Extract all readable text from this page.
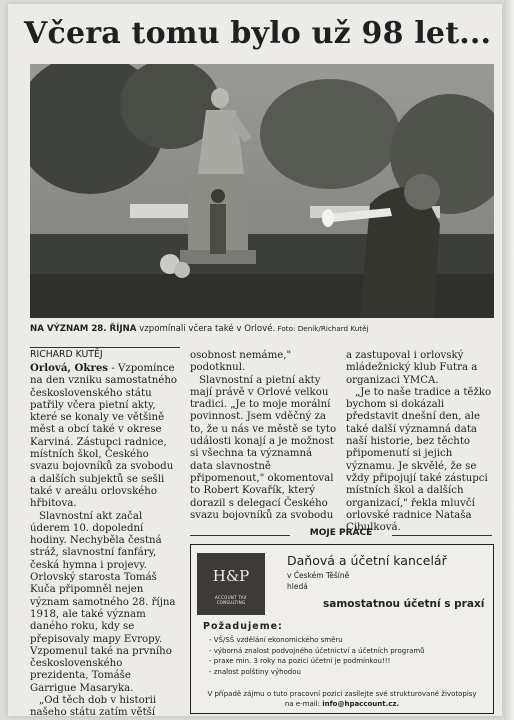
Včera tomu bylo už 98 let...
NA VÝZNAM 28. ŘÍJNA vzpomínali včera také v Orlové. Foto: Deník/Richard Kutěj
RICHARD KUTĚJ

Orlová, Okres - Vzpomínce na den vzniku samostatného československého státu patřily včera pietní akty, které se konaly ve většině měst a obcí také v okrese Karviná. Zástupci radnice, místních škol, Českého svazu bojovníků za svobodu a dalších subjektů se sešli také v areálu orlovského hřbitova.

Slavnostní akt začal úderem 10. dopolední hodiny. Nechyběla čestná stráž, slavnostní fanfáry, česká hymna i projevy. Orlovský starosta Tomáš Kuča připomněl nejen význam samotného 28. října 1918, ale také význam daného roku, kdy se přepisovaly mapy Evropy. Vzpomenul také na prvního československého prezidenta, Tomáše Garrigue Masaryka.

„Od těch dob v historii našeho státu zatím větší

osobnost nemáme," podotknul.

Slavnostní a pietní akty mají právě v Orlové velkou tradici. „Je to moje morální povinnost. Jsem vděčný za to, že u nás ve městě se tyto události konají a je možnost si všechna ta významná data slavnostně připomenout," okomentoval to Robert Kovařík, který dorazil s delegací Českého svazu bojovníků za svobodu

a zastupoval i orlovský mládežnický klub Futra a organizaci YMCA.

„Je to naše tradice a těžko bychom si dokázali představit dnešní den, ale také další významná data naší historie, bez těchto připomenutí si jejich významu. Je skvělé, že se vždy připojují také zástupci místních škol a dalších organizací," řekla mluvčí orlovské radnice Nataša Cibulková.

MOJE PRÁCE
H&P
ACCOUNT TAX CONSULTING
Daňová a účetní kancelář
v Českém Těšíně
hledá
samostatnou účetní s praxí
Požadujeme:
- VŠ/SŠ vzdělání ekonomického směru
- výborná znalost podvojného účetnictví a účetních programů
- praxe min. 3 roky na pozici účetní je podmínkou!!!
- znalost polštiny výhodou
V případě zájmu o tuto pracovní pozici zasílejte své strukturované životopisy
na e-mail: info@hpaccount.cz.
